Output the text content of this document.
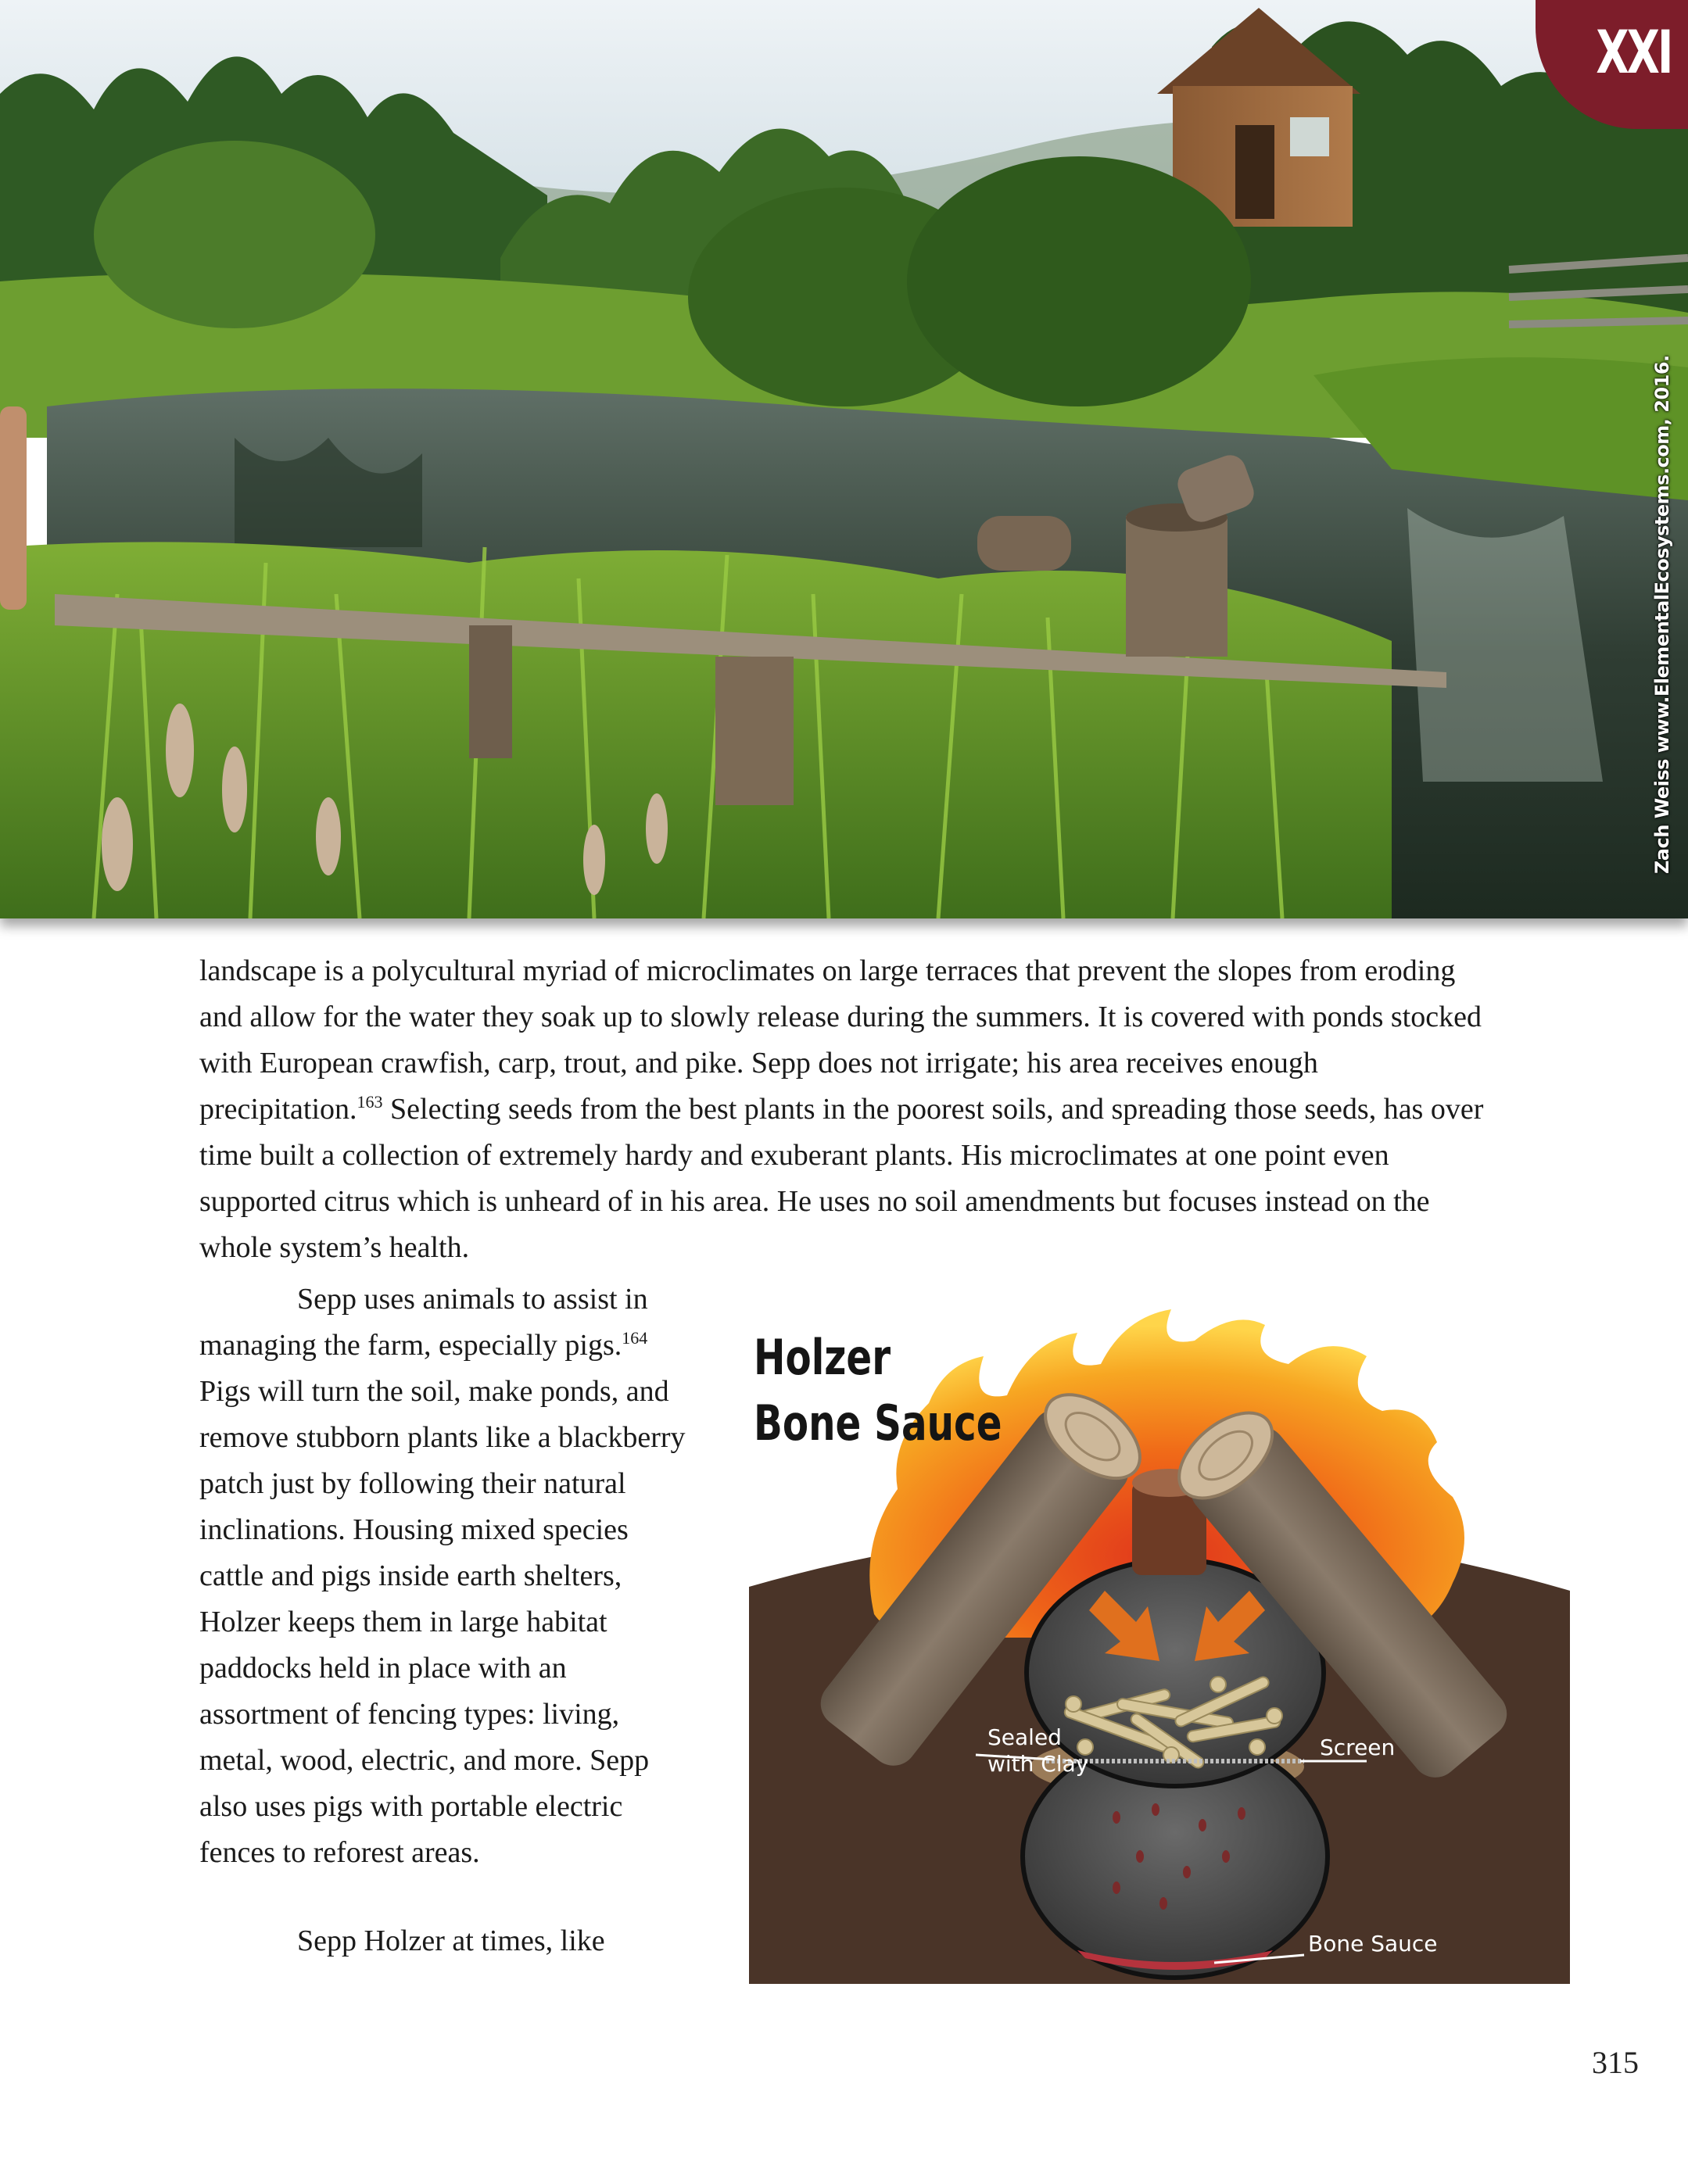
XXI
Zach Weiss www.ElementalEcosystems.com, 2016.

landscape is a polycultural myriad of microclimates on large terraces that prevent the slopes from eroding and allow for the water they soak up to slowly release during the summers. It is covered with ponds stocked with European crawfish, carp, trout, and pike. Sepp does not irrigate; his area receives enough precipitation.$^{163}$ Selecting seeds from the best plants in the poorest soils, and spreading those seeds, has over time built a collection of extremely hardy and exuberant plants. His microclimates at one point even supported citrus which is unheard of in his area. He uses no soil amendments but focuses instead on the whole system’s health.

Sepp uses animals to assist in managing the farm, especially pigs.$^{164}$ Pigs will turn the soil, make ponds, and remove stubborn plants like a blackberry patch just by following their natural inclinations. Housing mixed species cattle and pigs inside earth shelters, Holzer keeps them in large habitat paddocks held in place with an assortment of fencing types: living, metal, wood, electric, and more. Sepp also uses pigs with portable electric fences to reforest areas.

Sepp Holzer at times, like

Holzer
Bone Sauce

Sealed
with Clay
Screen
Bone Sauce
315
